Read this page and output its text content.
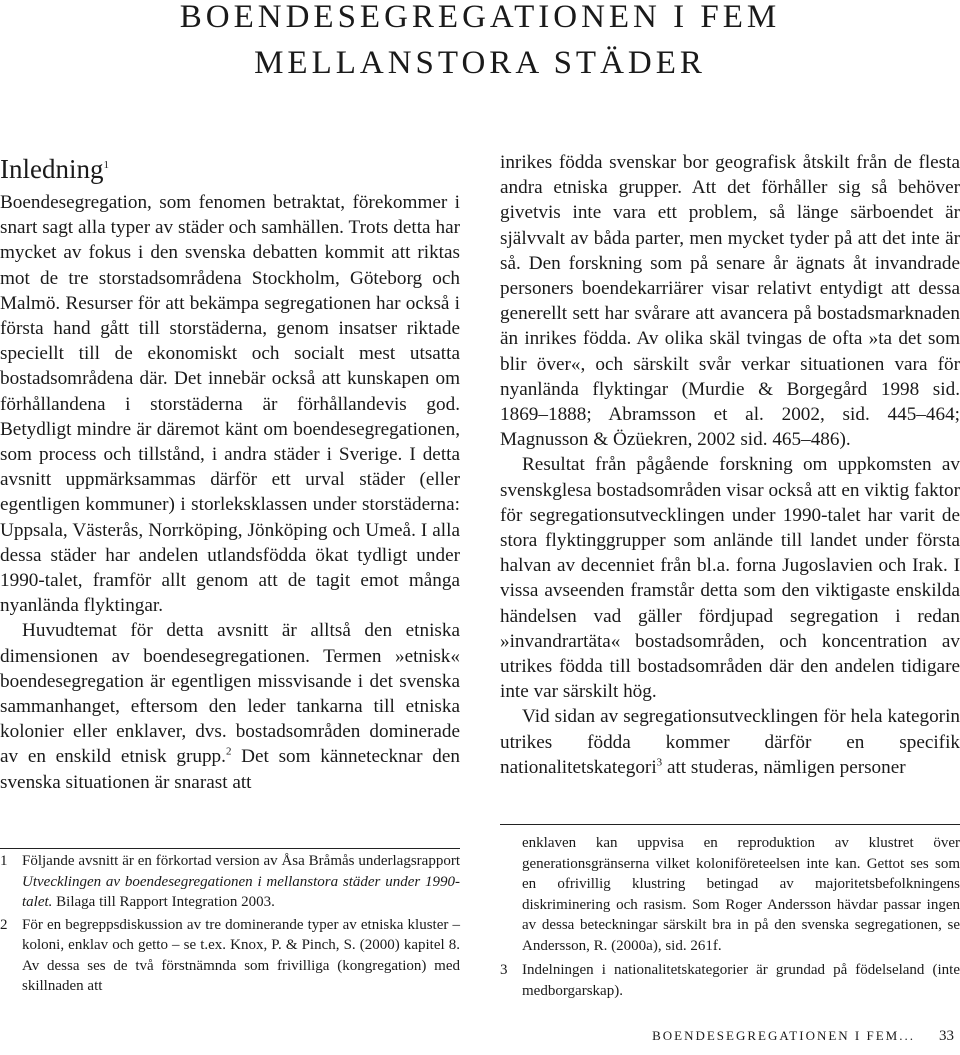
BOENDESEGREGATIONEN I FEM
MELLANSTORA STÄDER
Inledning$^1$

Boendesegregation, som fenomen betraktat, förekommer i snart sagt alla typer av städer och samhällen. Trots detta har mycket av fokus i den svenska debatten kommit att riktas mot de tre storstadsområdena Stockholm, Göteborg och Malmö. Resurser för att bekämpa segregationen har också i första hand gått till storstäderna, genom insatser riktade speciellt till de ekonomiskt och socialt mest utsatta bostadsområdena där. Det innebär också att kunskapen om förhållandena i storstäderna är förhållandevis god. Betydligt mindre är däremot känt om boendesegregationen, som process och tillstånd, i andra städer i Sverige. I detta avsnitt uppmärksammas därför ett urval städer (eller egentligen kommuner) i storleksklassen under storstäderna: Uppsala, Västerås, Norrköping, Jönköping och Umeå. I alla dessa städer har andelen utlandsfödda ökat tydligt under 1990-talet, framför allt genom att de tagit emot många nyanlända flyktingar.

Huvudtemat för detta avsnitt är alltså den etniska dimensionen av boendesegregationen. Termen »etnisk« boendesegregation är egentligen missvisande i det svenska sammanhanget, eftersom den leder tankarna till etniska kolonier eller enklaver, dvs. bostadsområden dominerade av en enskild etnisk grupp.$^2$ Det som kännetecknar den svenska situationen är snarast att

inrikes födda svenskar bor geografisk åtskilt från de flesta andra etniska grupper. Att det förhåller sig så behöver givetvis inte vara ett problem, så länge särboendet är självvalt av båda parter, men mycket tyder på att det inte är så. Den forskning som på senare år ägnats åt invandrade personers boendekarriärer visar relativt entydigt att dessa generellt sett har svårare att avancera på bostadsmarknaden än inrikes födda. Av olika skäl tvingas de ofta »ta det som blir över«, och särskilt svår verkar situationen vara för nyanlända flyktingar (Murdie & Borgegård 1998 sid. 1869–1888; Abramsson et al. 2002, sid. 445–464; Magnusson & Özüekren, 2002 sid. 465–486).

Resultat från pågående forskning om uppkomsten av svenskglesa bostadsområden visar också att en viktig faktor för segregationsutvecklingen under 1990-talet har varit de stora flyktinggrupper som anlände till landet under första halvan av decenniet från bl.a. forna Jugoslavien och Irak. I vissa avseenden framstår detta som den viktigaste enskilda händelsen vad gäller fördjupad segregation i redan »invandrartäta« bostadsområden, och koncentration av utrikes födda till bostadsområden där den andelen tidigare inte var särskilt hög.

Vid sidan av segregationsutvecklingen för hela kategorin utrikes födda kommer därför en specifik nationalitetskategori$^3$ att studeras, nämligen personer

1 Följande avsnitt är en förkortad version av Åsa Bråmås underlagsrapport Utvecklingen av boendesegregationen i mellanstora städer under 1990-talet. Bilaga till Rapport Integration 2003.
2 För en begreppsdiskussion av tre dominerande typer av etniska kluster – koloni, enklav och getto – se t.ex. Knox, P. & Pinch, S. (2000) kapitel 8. Av dessa ses de två förstnämnda som frivilliga (kongregation) med skillnaden att
enklaven kan uppvisa en reproduktion av klustret över generationsgränserna vilket koloniföreteelsen inte kan. Gettot ses som en ofrivillig klustring betingad av majoritetsbefolkningens diskriminering och rasism. Som Roger Andersson hävdar passar ingen av dessa beteckningar särskilt bra in på den svenska segregationen, se Andersson, R. (2000a), sid. 261f.
3 Indelningen i nationalitetskategorier är grundad på födelseland (inte medborgarskap).
BOENDESEGREGATIONEN I FEM... 33
